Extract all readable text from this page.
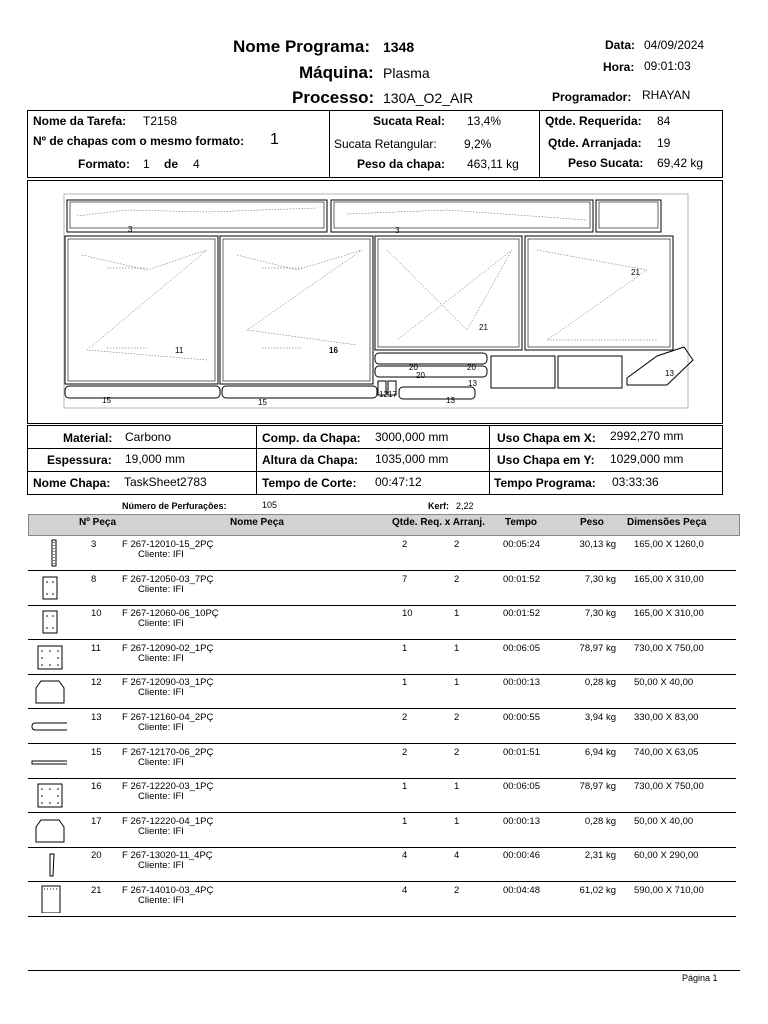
Nome Programa: 1348
Máquina: Plasma
Processo: 130A_O2_AIR
Data: 04/09/2024
Hora: 09:01:03
Programador: RHAYAN
Nome da Tarefa: T2158
Nº de chapas com o mesmo formato: 1
Formato: 1 de 4
Sucata Real: 13,4%
Sucata Retangular: 9,2%
Peso da chapa: 463,11 kg
Qtde. Requerida: 84
Qtde. Arranjada: 19
Peso Sucata: 69,42 kg
3	3
21
21
11	16
20
20
20
13
13
15	15
13
12 17
Material: Carbono
Espessura: 19,000 mm
Nome Chapa: TaskSheet2783
Comp. da Chapa: 3000,000 mm
Altura da Chapa: 1035,000 mm
Tempo de Corte: 00:47:12
Uso Chapa em X: 2992,270 mm
Uso Chapa em Y: 1029,000 mm
Tempo Programa: 03:33:36
Número de Perfurações:	105	Kerf: 2,22
Nº Peça	Nome Peça	Qtde. Req. x Arranj. Tempo	Peso Dimensões Peça
3	F 267-12010-15_2PÇ
Cliente: IFI
2	2	00:05:24	30,13 kg 165,00 X 1260,0
8	F 267-12050-03_7PÇ
Cliente: IFI
7	2	00:01:52	7,30 kg 165,00 X 310,00
10 F 267-12060-06_10PÇ
Cliente: IFI
10	1	00:01:52	7,30 kg 165,00 X 310,00
11 F 267-12090-02_1PÇ
Cliente: IFI
1	1	00:06:05	78,97 kg 730,00 X 750,00
12 F 267-12090-03_1PÇ
Cliente: IFI
1	1	00:00:13	0,28 kg 50,00 X 40,00
13 F 267-12160-04_2PÇ
Cliente: IFI
2	2	00:00:55	3,94 kg 330,00 X 83,00
15 F 267-12170-06_2PÇ
Cliente: IFI
2	2	00:01:51	6,94 kg 740,00 X 63,05
16 F 267-12220-03_1PÇ
Cliente: IFI
1	1	00:06:05	78,97 kg 730,00 X 750,00
17 F 267-12220-04_1PÇ
Cliente: IFI
1	1	00:00:13	0,28 kg 50,00 X 40,00
20 F 267-13020-11_4PÇ
Cliente: IFI
4	4	00:00:46	2,31 kg 60,00 X 290,00
21 F 267-14010-03_4PÇ
Cliente: IFI
4	2	00:04:48	61,02 kg 590,00 X 710,00
Página 1
